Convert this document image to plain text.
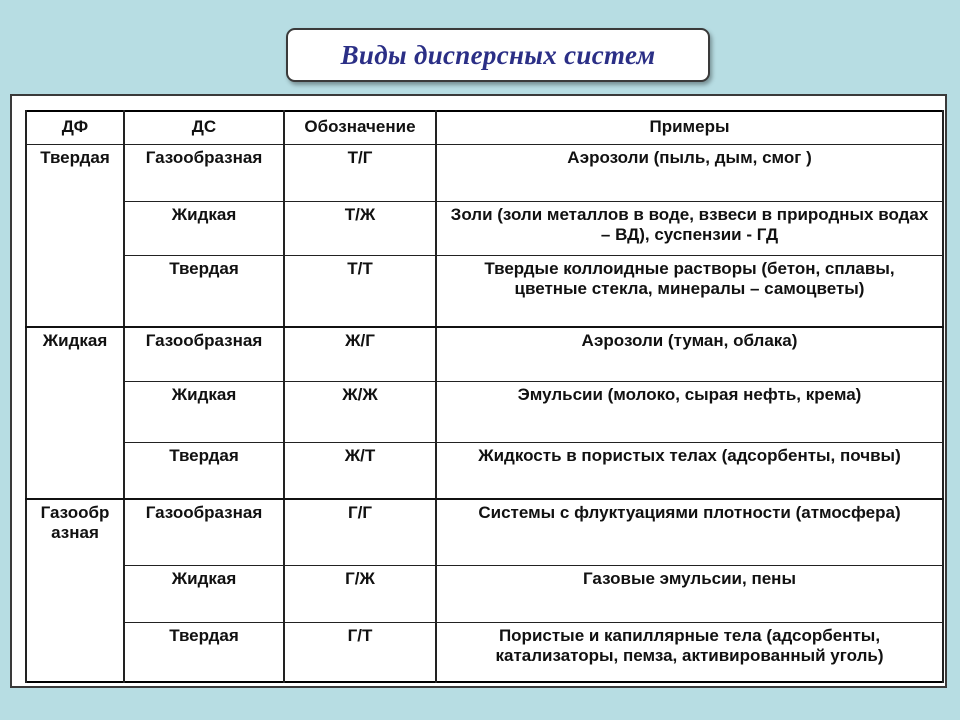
Виды дисперсных систем
ДФ	ДС	Обозначение	Примеры
Твердая	Газообразная	Т/Г	Аэрозоли (пыль, дым, смог )
	Жидкая	Т/Ж	Золи (золи металлов в воде, взвеси в природных водах – ВД), суспензии - ГД
	Твердая	Т/Т	Твердые коллоидные растворы (бетон, сплавы, цветные стекла, минералы – самоцветы)
Жидкая	Газообразная	Ж/Г	Аэрозоли (туман, облака)
	Жидкая	Ж/Ж	Эмульсии (молоко, сырая нефть, крема)
	Твердая	Ж/Т	Жидкость в пористых телах (адсорбенты, почвы)
Газообр азная	Газообразная	Г/Г	Системы с флуктуациями плотности (атмосфера)
	Жидкая	Г/Ж	Газовые эмульсии, пены
	Твердая	Г/Т	Пористые и капиллярные тела (адсорбенты, катализаторы, пемза, активированный уголь)
